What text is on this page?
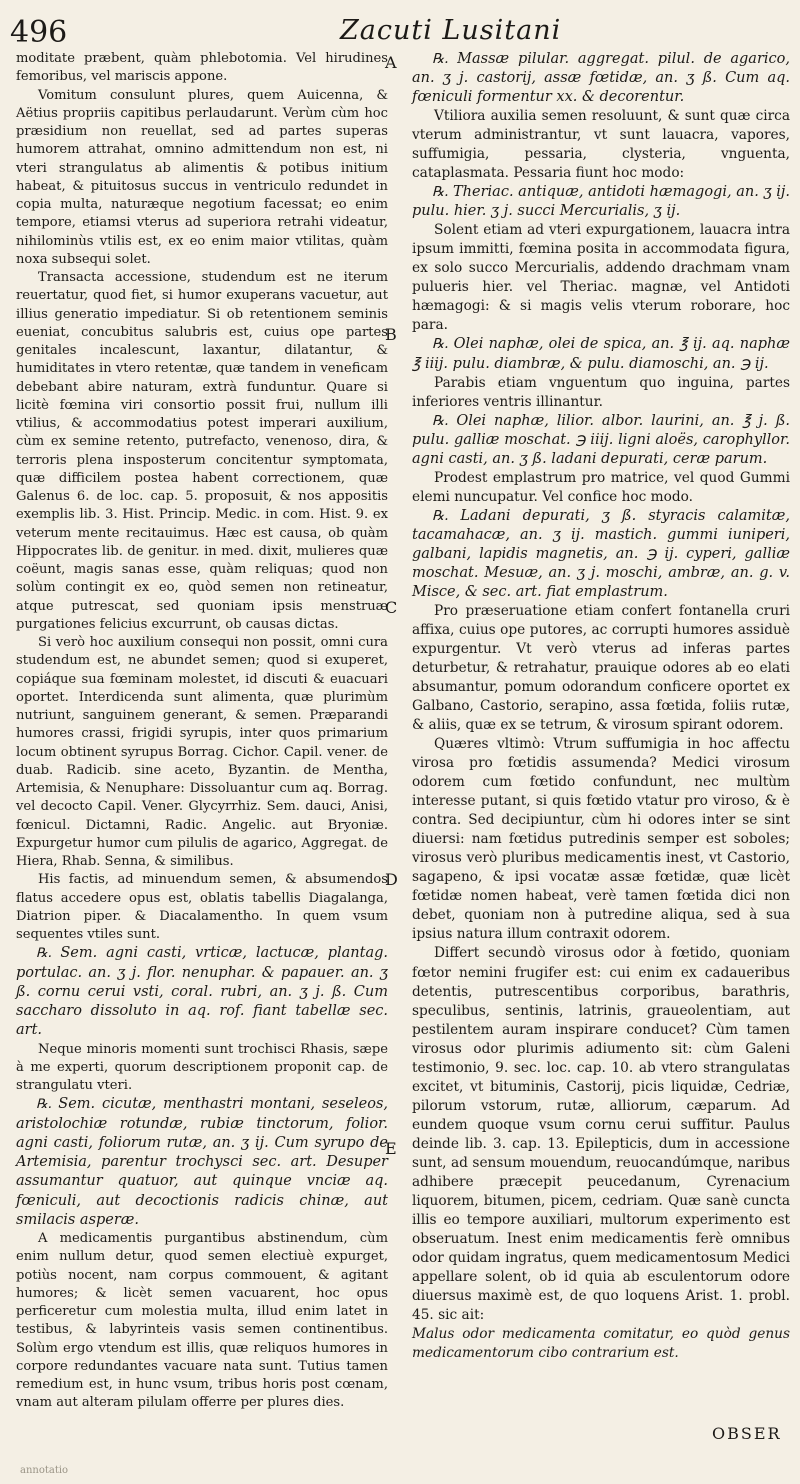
496	Zacuti Lusitani

moditate præbent, quàm phlebotomia. Vel hirudines femoribus, vel mariscis appone.

Vomitum consulunt plures, quem Auicenna, & Aëtius propriis capitibus perlaudarunt. Verùm cùm hoc præsidium non reuellat, sed ad partes superas humorem attrahat, omnino admittendum non est, ni vteri strangulatus ab alimentis & potibus initium habeat, & pituitosus succus in ventriculo redundet in copia multa, naturæque negotium facessat; eo enim tempore, etiamsi vterus ad superiora retrahi videatur, nihilominùs vtilis est, ex eo enim maior vtilitas, quàm noxa subsequi solet.

Transacta accessione, studendum est ne iterum reuertatur, quod fiet, si humor exuperans vacuetur, aut illius generatio impediatur. Si ob retentionem seminis eueniat, concubitus salubris est, cuius ope partes genitales incalescunt, laxantur, dilatantur, & humiditates in vtero retentæ, quæ tandem in veneficam debebant abire naturam, extrà funduntur. Quare si licitè fœmina viri consortio possit frui, nullum illi vtilius, & accommodatius potest imperari auxilium, cùm ex semine retento, putrefacto, venenoso, dira, & terroris plena insposterum concitentur symptomata, quæ difficilem postea habent correctionem, quæ Galenus 6. de loc. cap. 5. proposuit, & nos appositis exemplis lib. 3. Hist. Princip. Medic. in com. Hist. 9. ex veterum mente recitauimus. Hæc est causa, ob quàm Hippocrates lib. de genitur. in med. dixit, mulieres quæ coëunt, magis sanas esse, quàm reliquas; quod non solùm contingit ex eo, quòd semen non retineatur, atque putrescat, sed quoniam ipsis menstruæ purgationes felicius excurrunt, ob causas dictas.

Si verò hoc auxilium consequi non possit, omni cura studendum est, ne abundet semen; quod si exuperet, copiáque sua fœminam molestet, id discuti & euacuari oportet. Interdicenda sunt alimenta, quæ plurimùm nutriunt, sanguinem generant, & semen. Præparandi humores crassi, frigidi syrupis, inter quos primarium locum obtinent syrupus Borrag. Cichor. Capil. vener. de duab. Radicib. sine aceto, Byzantin. de Mentha, Artemisia, & Nenuphare: Dissoluantur cum aq. Borrag. vel decocto Capil. Vener. Glycyrrhiz. Sem. dauci, Anisi, fœnicul. Dictamni, Radic. Angelic. aut Bryoniæ. Expurgetur humor cum pilulis de agarico, Aggregat. de Hiera, Rhab. Senna, & similibus.

His factis, ad minuendum semen, & absumendos flatus accedere opus est, oblatis tabellis Diagalanga, Diatrion piper. & Diacalamentho. In quem vsum sequentes vtiles sunt.

℞. Sem. agni casti, vrticæ, lactucæ, plantag. portulac. an. ʒ j. flor. nenuphar. & papauer. an. ʒ ß. cornu cerui vsti, coral. rubri, an. ʒ j. ß. Cum saccharo dissoluto in aq. rof. fiant tabellæ sec. art.

Neque minoris momenti sunt trochisci Rhasis, sæpe à me experti, quorum descriptionem proponit cap. de strangulatu vteri.

℞. Sem. cicutæ, menthastri montani, seseleos, aristolochiæ rotundæ, rubiæ tinctorum, folior. agni casti, foliorum rutæ, an. ʒ ij. Cum syrupo de Artemisia, parentur trochysci sec. art. Desuper assumantur quatuor, aut quinque vnciæ aq. fœniculi, aut decoctionis radicis chinæ, aut smilacis asperæ.

A medicamentis purgantibus abstinendum, cùm enim nullum detur, quod semen electiuè expurget, potiùs nocent, nam corpus commouent, & agitant humores; & licèt semen vacuarent, hoc opus perficeretur cum molestia multa, illud enim latet in testibus, & labyrinteis vasis semen continentibus. Solùm ergo vtendum est illis, quæ reliquos humores in corpore redundantes vacuare nata sunt. Tutius tamen remedium est, in hunc vsum, tribus horis post cœnam, vnam aut alteram pilulam offerre per plures dies.

℞. Massæ pilular. aggregat. pilul. de agarico, an. ʒ j. castorij, assæ fœtidæ, an. ʒ ß. Cum aq. fœniculi formentur xx. & decorentur.

Vtiliora auxilia semen resoluunt, & sunt quæ circa vterum administrantur, vt sunt lauacra, vapores, suffumigia, pessaria, clysteria, vnguenta, cataplasmata. Pessaria fiunt hoc modo:

℞. Theriac. antiquæ, antidoti hæmagogi, an. ʒ ij. pulu. hier. ʒ j. succi Mercurialis, ʒ ij.

Solent etiam ad vteri expurgationem, lauacra intra ipsum immitti, fœmina posita in accommodata figura, ex solo succo Mercurialis, addendo drachmam vnam pulueris hier. vel Theriac. magnæ, vel Antidoti hæmagogi: & si magis velis vterum roborare, hoc para.

℞. Olei naphæ, olei de spica, an. ℥ ij. aq. naphæ ℥ iiij. pulu. diambræ, & pulu. diamoschi, an. ℈ ij.

Parabis etiam vnguentum quo inguina, partes inferiores ventris illinantur.

℞. Olei naphæ, lilior. albor. laurini, an. ℥ j. ß. pulu. galliæ moschat. ℈ iiij. ligni aloës, carophyllor. agni casti, an. ʒ ß. ladani depurati, ceræ parum.

Prodest emplastrum pro matrice, vel quod Gummi elemi nuncupatur. Vel confice hoc modo.

℞. Ladani depurati, ʒ ß. styracis calamitæ, tacamahacæ, an. ʒ ij. mastich. gummi iuniperi, galbani, lapidis magnetis, an. ℈ ij. cyperi, galliæ moschat. Mesuæ, an. ʒ j. moschi, ambræ, an. g. v. Misce, & sec. art. fiat emplastrum.

Pro præseruatione etiam confert fontanella cruri affixa, cuius ope putores, ac corrupti humores assiduè expurgentur. Vt verò vterus ad inferas partes deturbetur, & retrahatur, prauique odores ab eo elati absumantur, pomum odorandum conficere oportet ex Galbano, Castorio, serapino, assa fœtida, foliis rutæ, & aliis, quæ ex se tetrum, & virosum spirant odorem.

Quæres vltimò: Vtrum suffumigia in hoc affectu virosa pro fœtidis assumenda? Medici virosum odorem cum fœtido confundunt, nec multùm interesse putant, si quis fœtido vtatur pro viroso, & è contra. Sed decipiuntur, cùm hi odores inter se sint diuersi: nam fœtidus putredinis semper est soboles; virosus verò pluribus medicamentis inest, vt Castorio, sagapeno, & ipsi vocatæ assæ fœtidæ, quæ licèt fœtidæ nomen habeat, verè tamen fœtida dici non debet, quoniam non à putredine aliqua, sed à sua ipsius natura illum contraxit odorem.

Differt secundò virosus odor à fœtido, quoniam fœtor nemini frugifer est: cui enim ex cadaueribus detentis, putrescentibus corporibus, barathris, speculibus, sentinis, latrinis, graueolentiam, aut pestilentem auram inspirare conducet? Cùm tamen virosus odor plurimis adiumento sit: cùm Galeni testimonio, 9. sec. loc. cap. 10. ab vtero strangulatas excitet, vt bituminis, Castorij, picis liquidæ, Cedriæ, pilorum vstorum, rutæ, alliorum, cæparum. Ad eundem quoque vsum cornu cerui suffitur. Paulus deinde lib. 3. cap. 13. Epilepticis, dum in accessione sunt, ad sensum mouendum, reuocandúmque, naribus adhibere præcepit peucedanum, Cyrenacium liquorem, bitumen, picem, cedriam. Quæ sanè cuncta illis eo tempore auxiliari, multorum experimento est obseruatum. Inest enim medicamentis ferè omnibus odor quidam ingratus, quem medicamentosum Medici appellare solent, ob id quia ab esculentorum odore diuersus maximè est, de quo loquens Arist. 1. probl. 45. sic ait:

Malus odor medicamenta comitatur, eo quòd genus medicamentorum cibo contrarium est.

A
B
C
D
E
OBSER
annotatio
